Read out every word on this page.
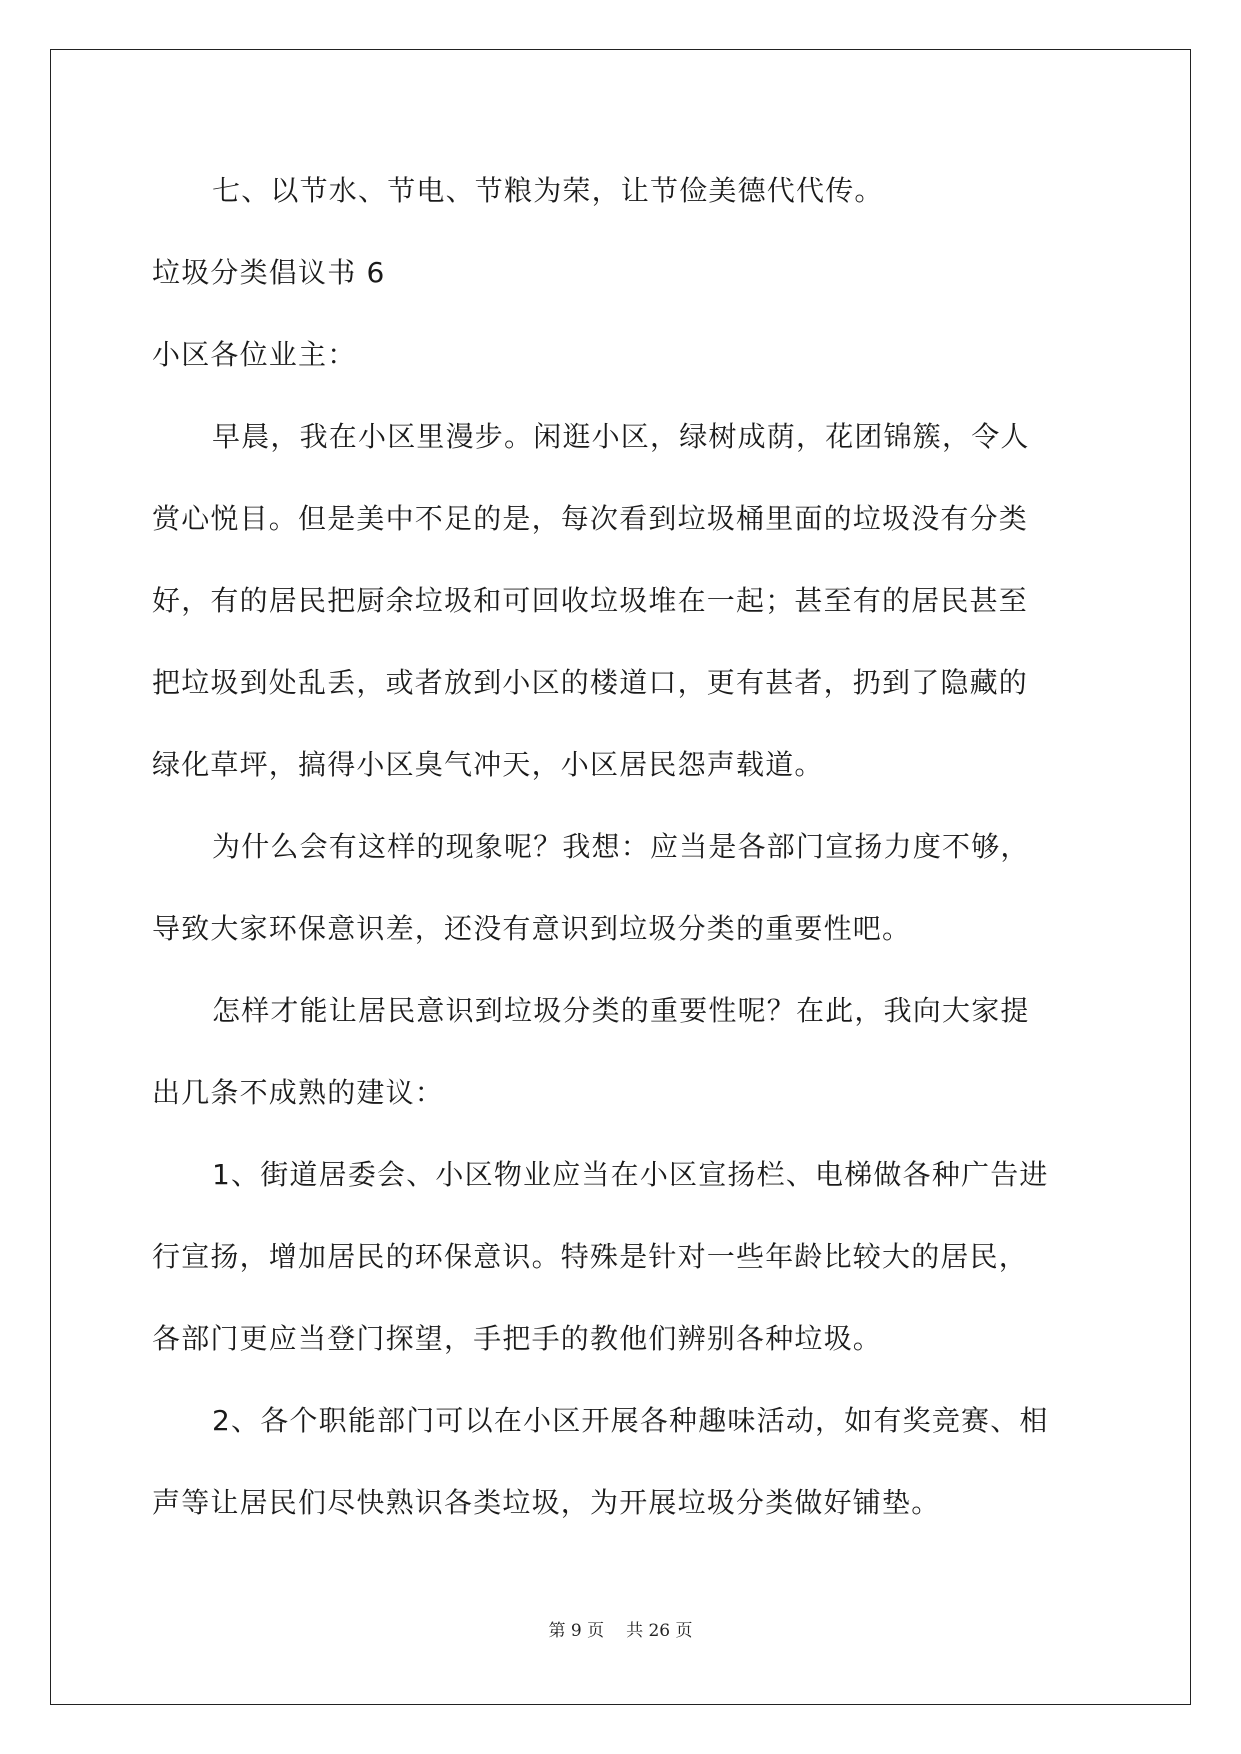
七、以节水、节电、节粮为荣，让节俭美德代代传。
垃圾分类倡议书 6
小区各位业主：
早晨，我在小区里漫步。闲逛小区，绿树成荫，花团锦簇，令人
赏心悦目。但是美中不足的是，每次看到垃圾桶里面的垃圾没有分类
好，有的居民把厨余垃圾和可回收垃圾堆在一起；甚至有的居民甚至
把垃圾到处乱丢，或者放到小区的楼道口，更有甚者，扔到了隐藏的
绿化草坪，搞得小区臭气冲天，小区居民怨声载道。
为什么会有这样的现象呢？我想：应当是各部门宣扬力度不够，
导致大家环保意识差，还没有意识到垃圾分类的重要性吧。
怎样才能让居民意识到垃圾分类的重要性呢？在此，我向大家提
出几条不成熟的建议：
1、街道居委会、小区物业应当在小区宣扬栏、电梯做各种广告进
行宣扬，增加居民的环保意识。特殊是针对一些年龄比较大的居民，
各部门更应当登门探望，手把手的教他们辨别各种垃圾。
2、各个职能部门可以在小区开展各种趣味活动，如有奖竞赛、相
声等让居民们尽快熟识各类垃圾，为开展垃圾分类做好铺垫。
第 9 页 共 26 页
